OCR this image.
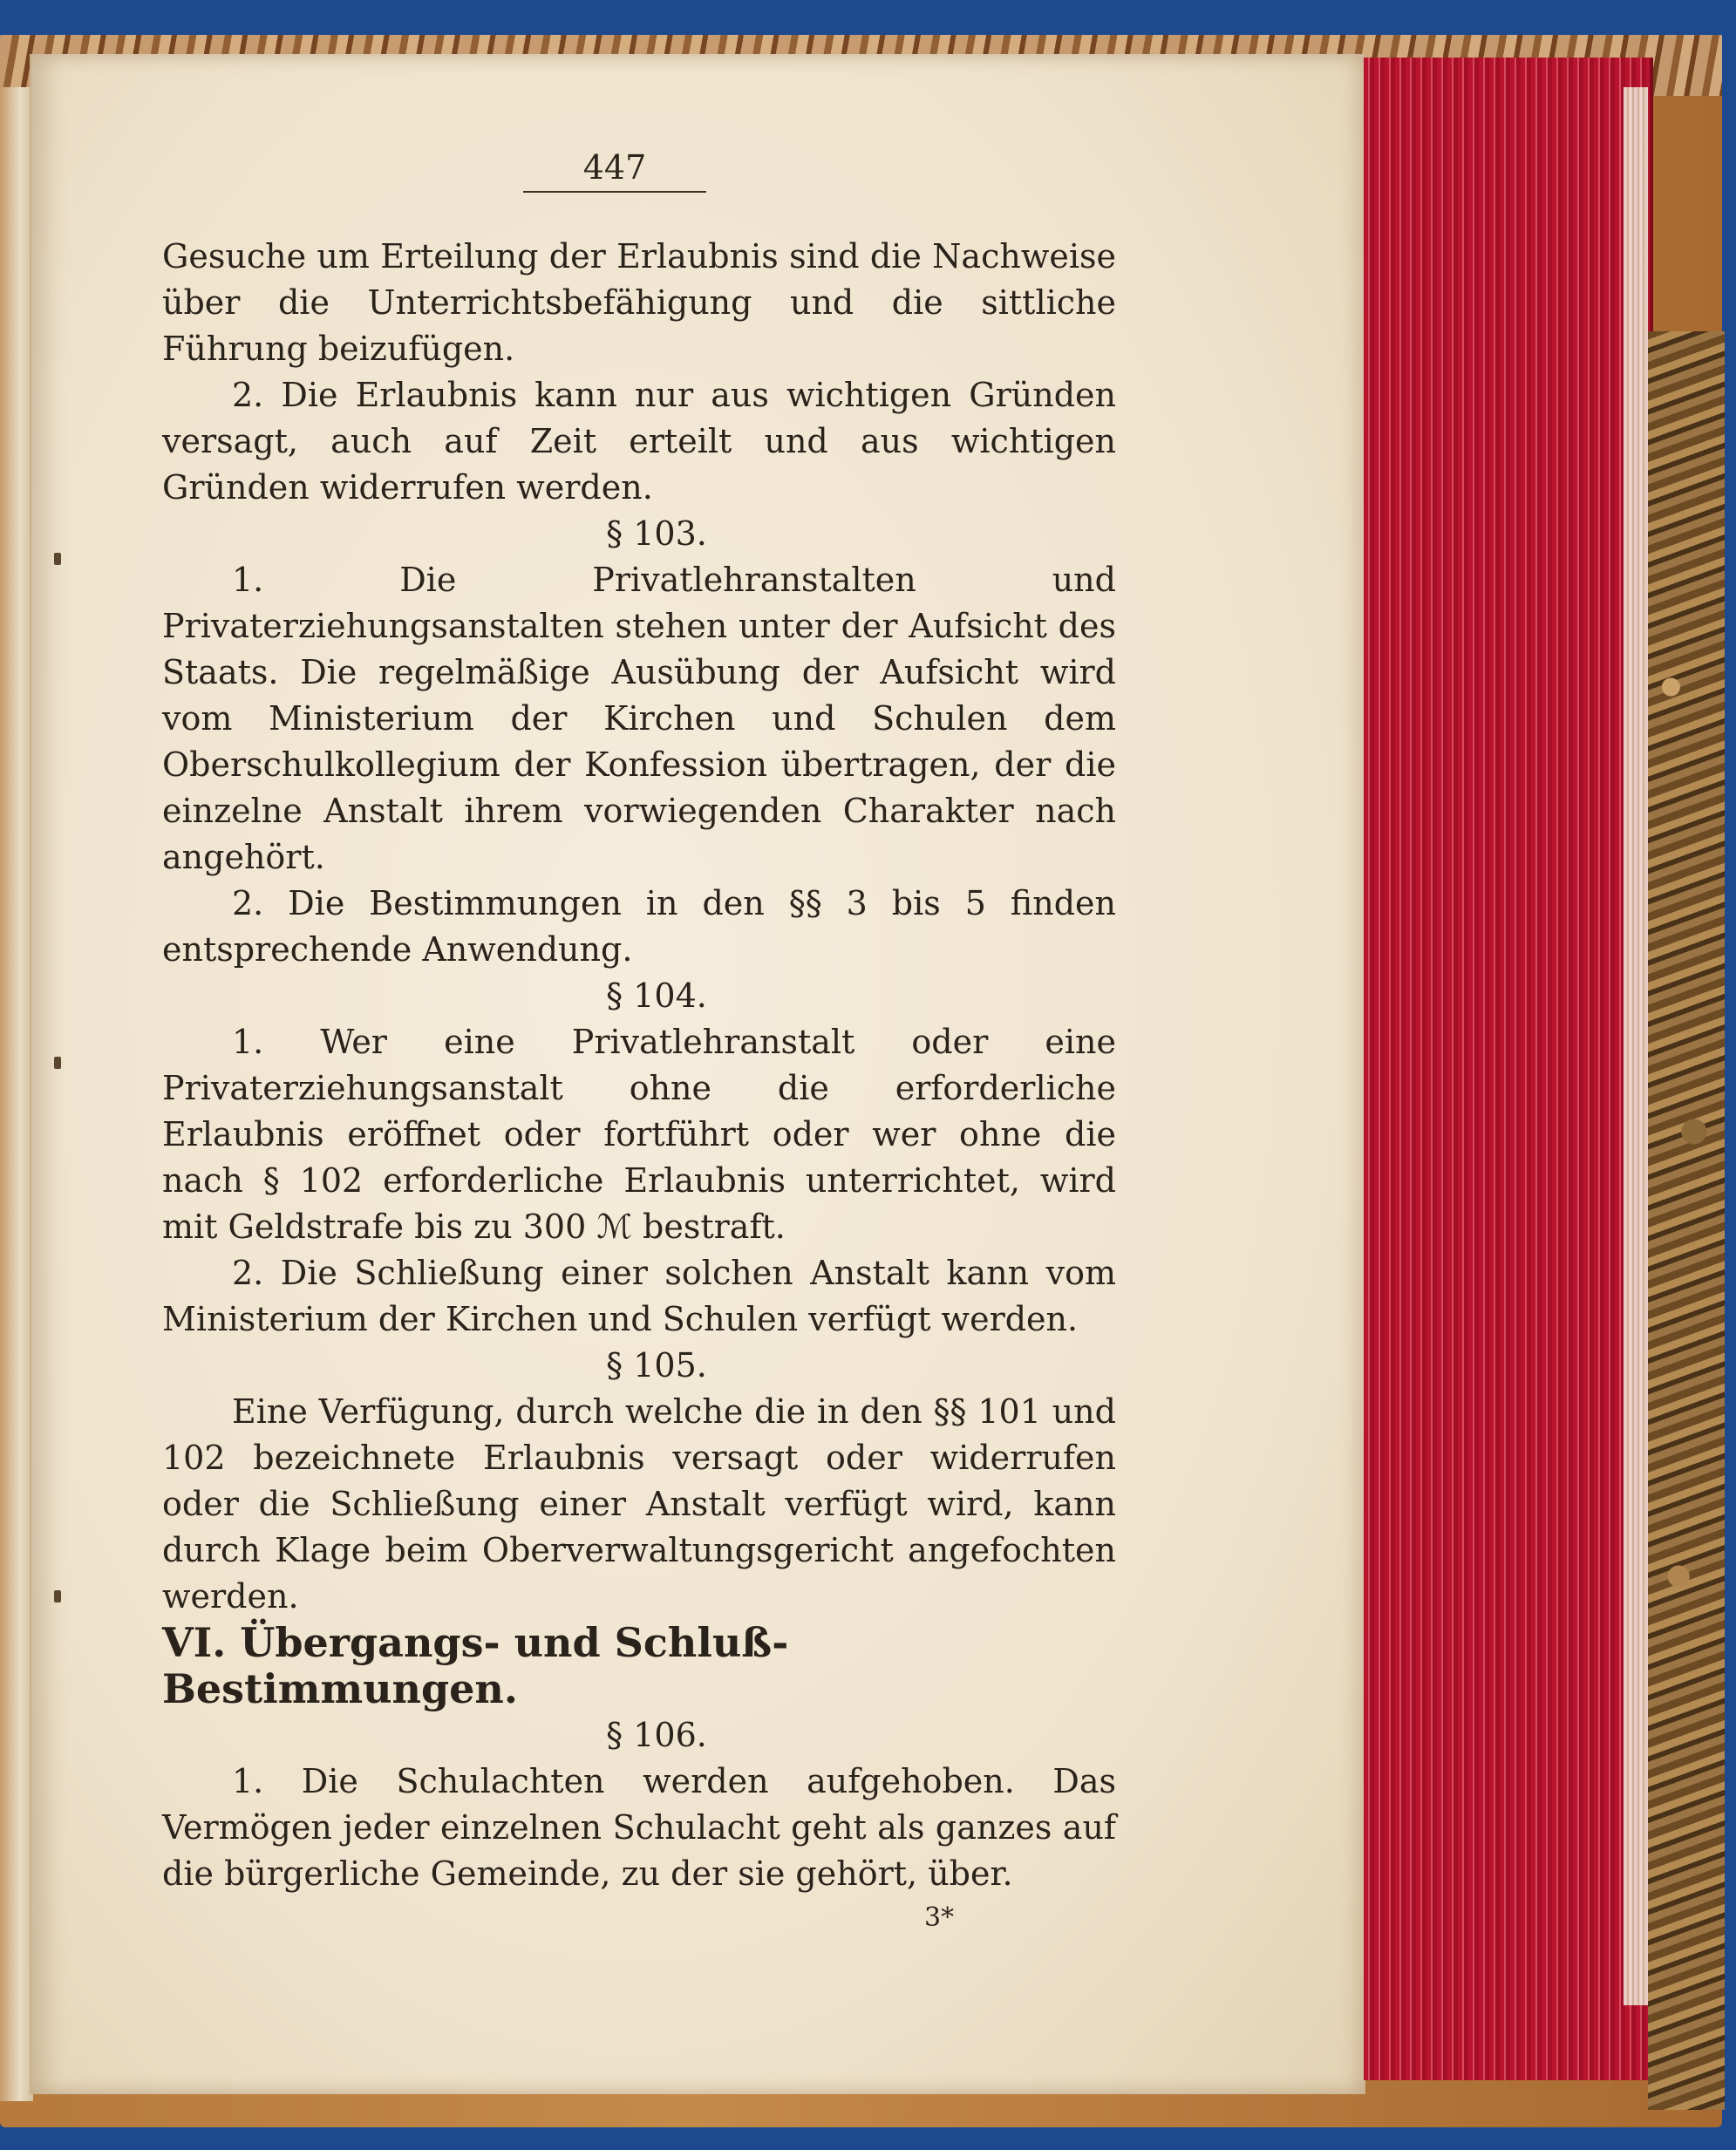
447

Gesuche um Erteilung der Erlaubnis sind die Nachweise über die Unterrichtsbefähigung und die sittliche Führung beizufügen.

2. Die Erlaubnis kann nur aus wichtigen Gründen versagt, auch auf Zeit erteilt und aus wichtigen Gründen widerrufen werden.

§ 103.

1. Die Privatlehranstalten und Privaterziehungsanstalten stehen unter der Aufsicht des Staats. Die regelmäßige Ausübung der Aufsicht wird vom Ministerium der Kirchen und Schulen dem Oberschulkollegium der Konfession übertragen, der die einzelne Anstalt ihrem vorwiegenden Charakter nach angehört.

2. Die Bestimmungen in den §§ 3 bis 5 finden entsprechende Anwendung.

§ 104.

1. Wer eine Privatlehranstalt oder eine Privaterziehungsanstalt ohne die erforderliche Erlaubnis eröffnet oder fortführt oder wer ohne die nach § 102 erforderliche Erlaubnis unterrichtet, wird mit Geldstrafe bis zu 300 ℳ bestraft.

2. Die Schließung einer solchen Anstalt kann vom Ministerium der Kirchen und Schulen verfügt werden.

§ 105.

Eine Verfügung, durch welche die in den §§ 101 und 102 bezeichnete Erlaubnis versagt oder widerrufen oder die Schließung einer Anstalt verfügt wird, kann durch Klage beim Oberverwaltungsgericht angefochten werden.

VI. Übergangs- und Schluß-Bestimmungen.

§ 106.

1. Die Schulachten werden aufgehoben. Das Vermögen jeder einzelnen Schulacht geht als ganzes auf die bürgerliche Gemeinde, zu der sie gehört, über.

3*
